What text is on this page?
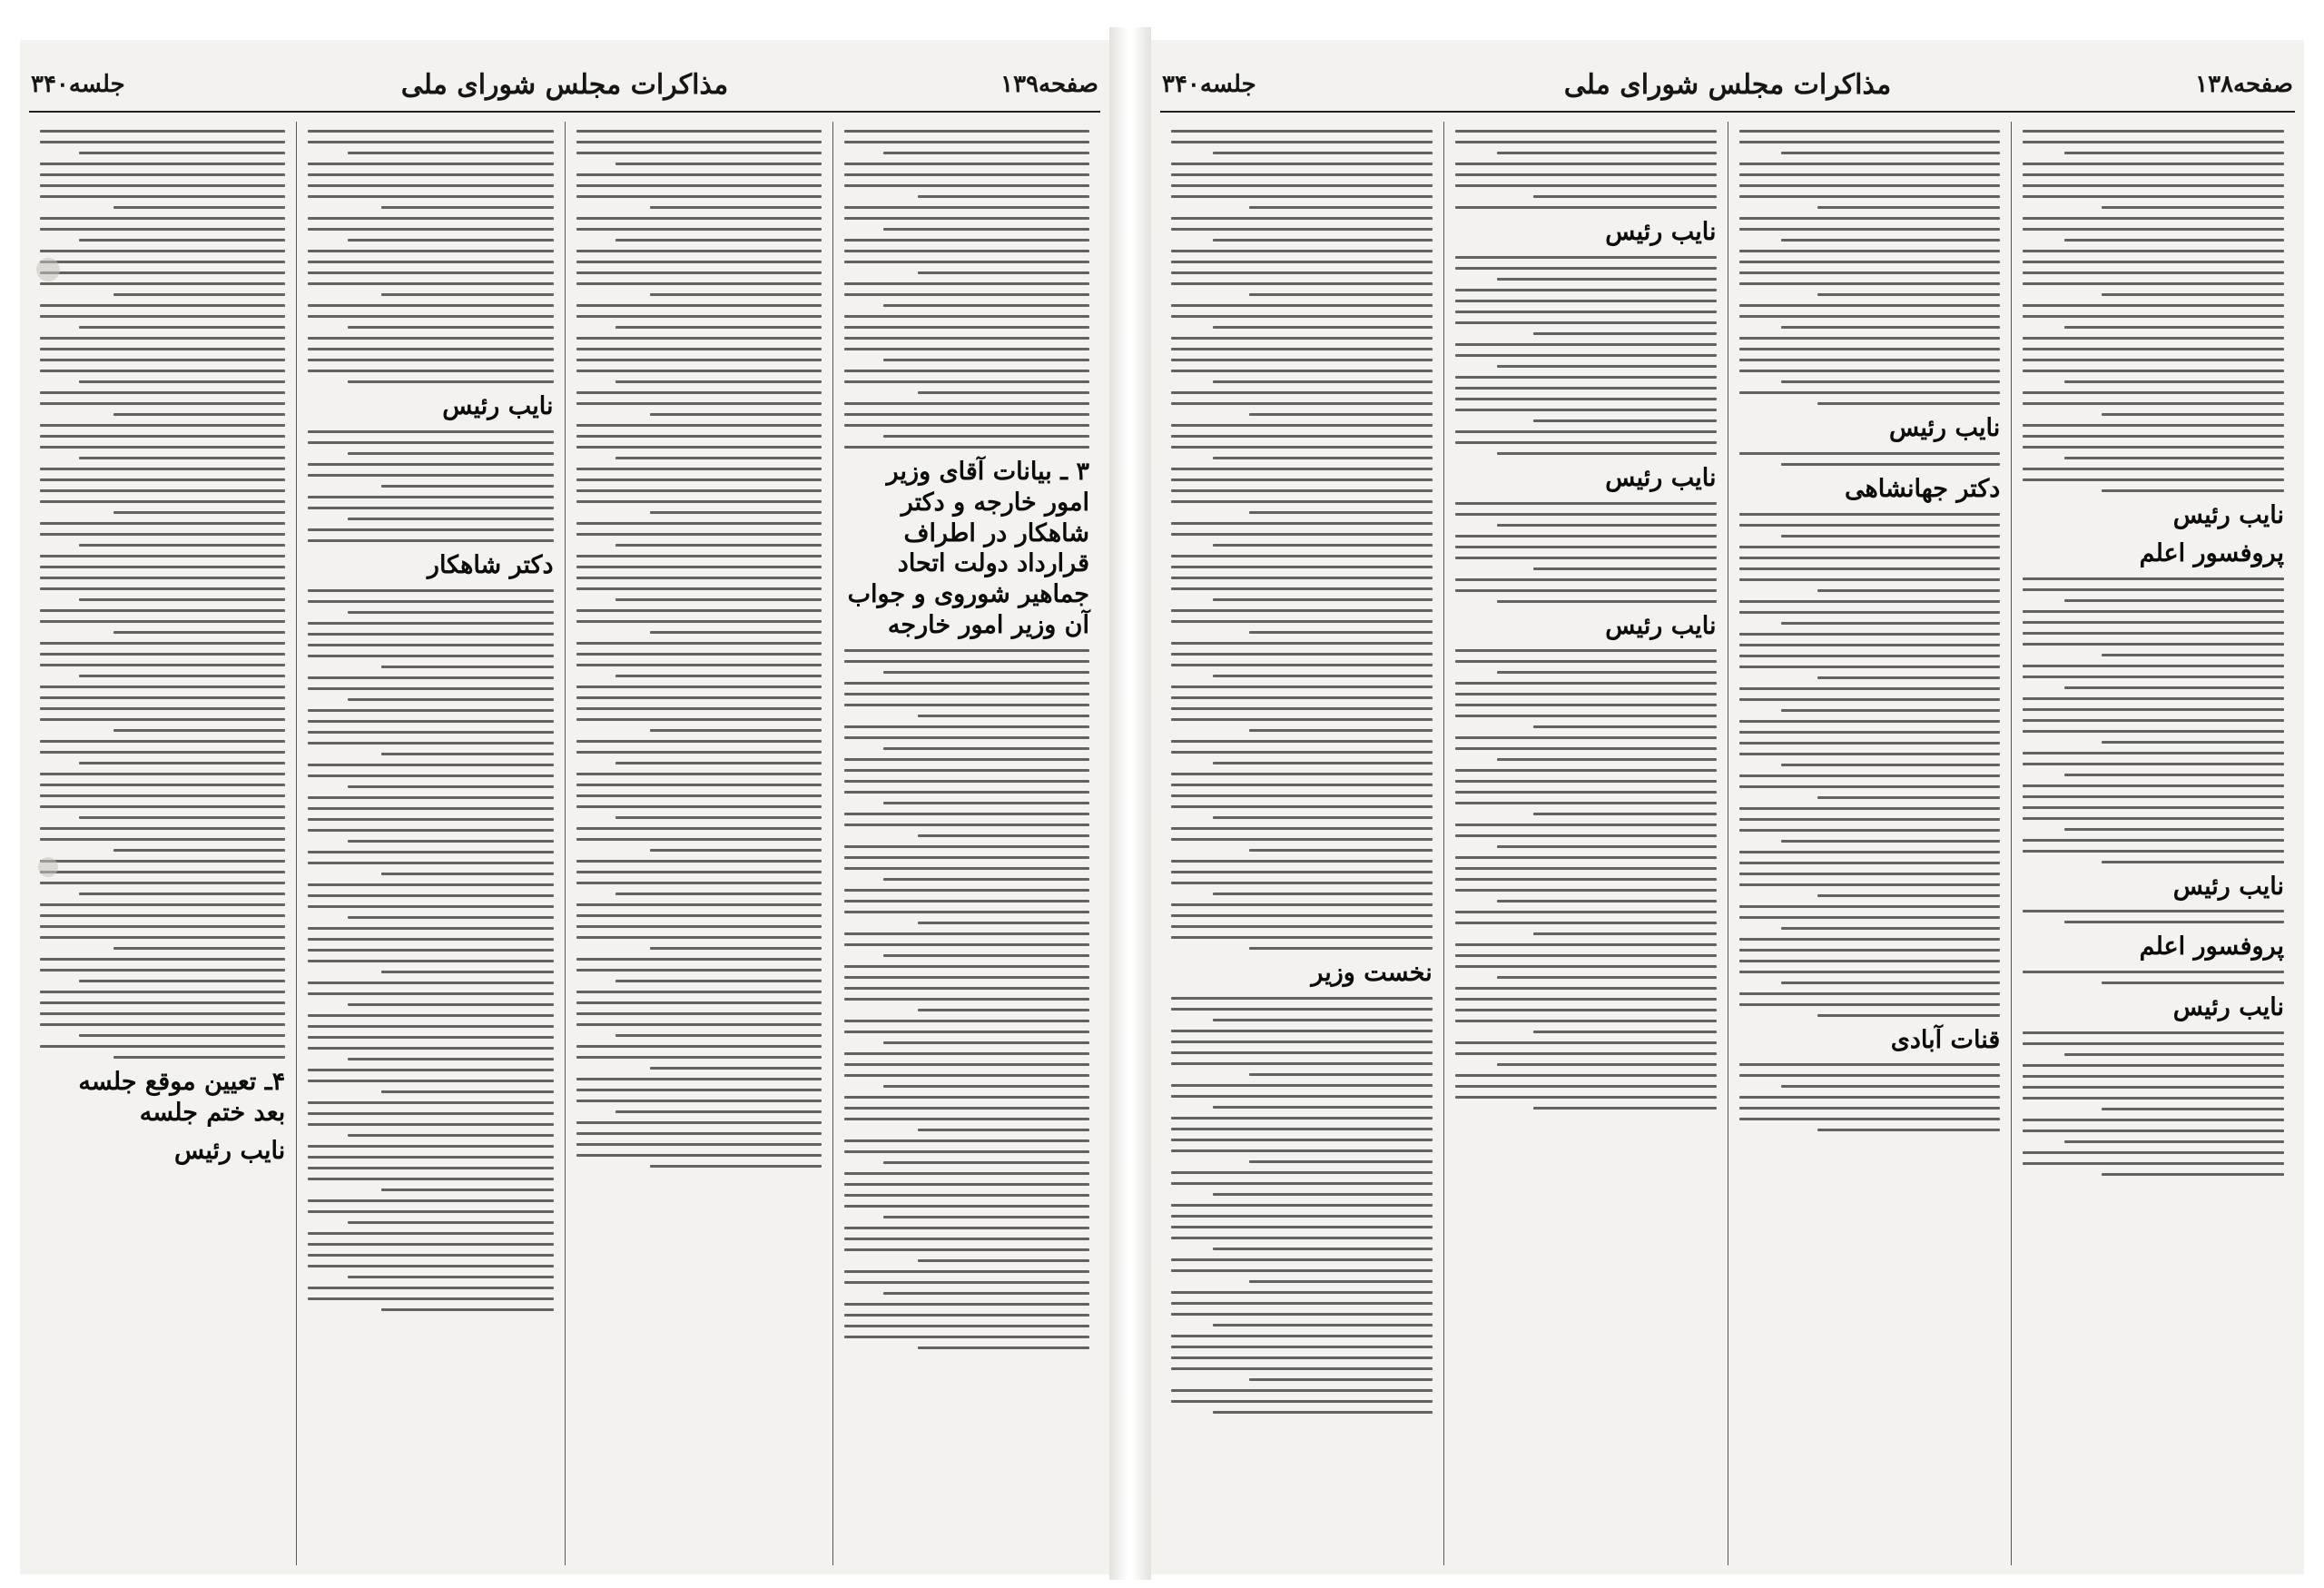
صفحه۱۳۹
مذاکرات مجلس شورای ملی
جلسه۳۴۰
۳ ـ بیانات آقای وزیر امور خارجه و دکتر شاهکار در اطراف قرارداد دولت اتحاد جماهیر شوروی و جواب آن وزیر امور خارجه
نایب رئیس
دکتر شاهکار
۴ـ تعیین موقع جلسه بعد ختم جلسه
نایب رئیس
صفحه۱۳۸
مذاکرات مجلس شورای ملی
جلسه۳۴۰
نایب رئیس
پروفسور اعلم
نایب رئیس
پروفسور اعلم
نایب رئیس
نایب رئیس
دکتر جهانشاهی
قنات آبادی
نایب رئیس
نایب رئیس
نایب رئیس
نخست وزیر
